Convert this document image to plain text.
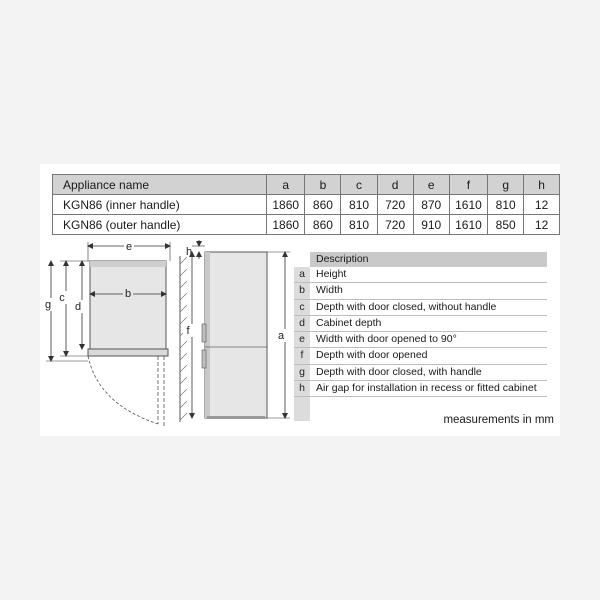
Appliance name	a	b	c	d	e	f	g	h
KGN86 (inner handle)	1860	860	810	720	870	1610	810	12
KGN86 (outer handle)	1860	860	810	720	910	1610	850	12
e
b
d
c
g
h
f	a
Description
a	Height
b	Width
c	Depth with door closed, without handle
d	Cabinet depth
e	Width with door opened to 90°
f	Depth with door opened
g	Depth with door closed, with handle
h	Air gap for installation in recess or fitted cabinet
measurements in mm
